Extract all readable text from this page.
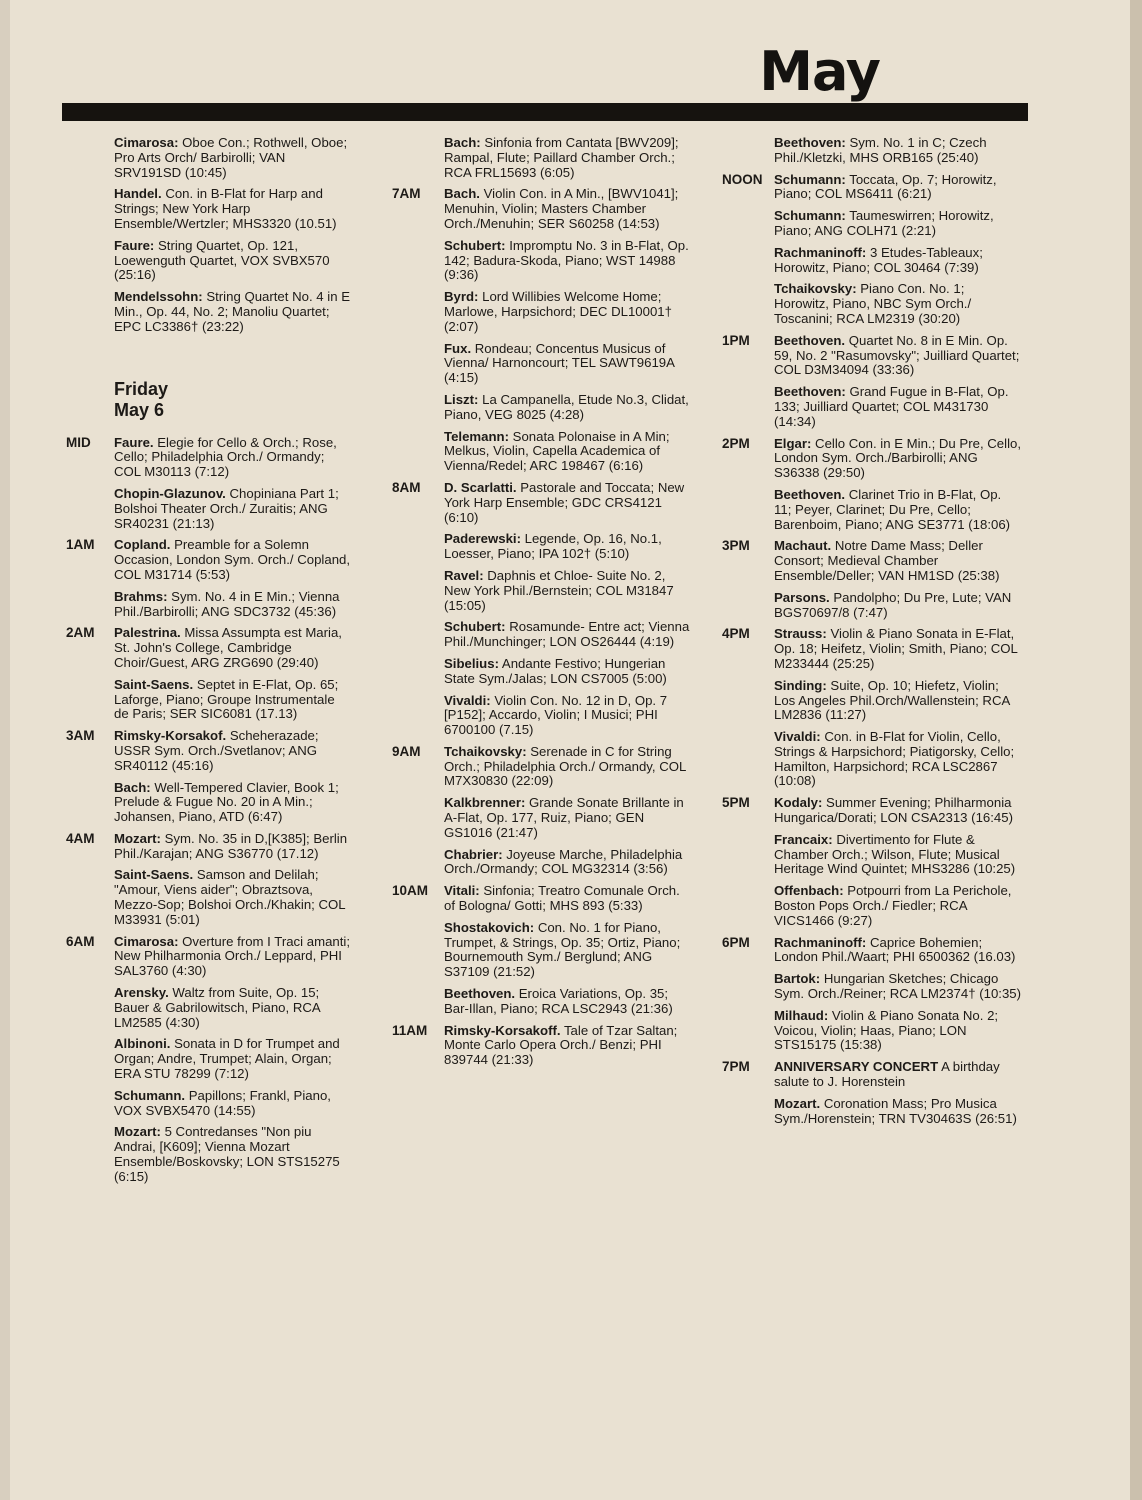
May
Cimarosa: Oboe Con.; Rothwell, Oboe; Pro Arts Orch/ Barbirolli; VAN SRV191SD (10:45)
Handel. Con. in B-Flat for Harp and Strings; New York Harp Ensemble/Wertzler; MHS3320 (10.51)
Faure: String Quartet, Op. 121, Loewenguth Quartet, VOX SVBX570 (25:16)
Mendelssohn: String Quartet No. 4 in E Min., Op. 44, No. 2; Manoliu Quartet; EPC LC3386† (23:22)
Friday
May 6
MID	Faure. Elegie for Cello & Orch.; Rose, Cello; Philadelphia Orch./ Ormandy; COL M30113 (7:12)
Chopin-Glazunov. Chopiniana Part 1; Bolshoi Theater Orch./ Zuraitis; ANG SR40231 (21:13)
1AM	Copland. Preamble for a Solemn Occasion, London Sym. Orch./ Copland, COL M31714 (5:53)
Brahms: Sym. No. 4 in E Min.; Vienna Phil./Barbirolli; ANG SDC3732 (45:36)
2AM	Palestrina. Missa Assumpta est Maria, St. John's College, Cambridge Choir/Guest, ARG ZRG690 (29:40)
Saint-Saens. Septet in E-Flat, Op. 65; Laforge, Piano; Groupe Instrumentale de Paris; SER SIC6081 (17.13)
3AM	Rimsky-Korsakof. Scheherazade; USSR Sym. Orch./Svetlanov; ANG SR40112 (45:16)
Bach: Well-Tempered Clavier, Book 1; Prelude & Fugue No. 20 in A Min.; Johansen, Piano, ATD (6:47)
4AM	Mozart: Sym. No. 35 in D,[K385]; Berlin Phil./Karajan; ANG S36770 (17.12)
Saint-Saens. Samson and Delilah; "Amour, Viens aider"; Obraztsova, Mezzo-Sop; Bolshoi Orch./Khakin; COL M33931 (5:01)
6AM	Cimarosa: Overture from I Traci amanti; New Philharmonia Orch./ Leppard, PHI SAL3760 (4:30)
Arensky. Waltz from Suite, Op. 15; Bauer & Gabrilowitsch, Piano, RCA LM2585 (4:30)
Albinoni. Sonata in D for Trumpet and Organ; Andre, Trumpet; Alain, Organ; ERA STU 78299 (7:12)
Schumann. Papillons; Frankl, Piano, VOX SVBX5470 (14:55)
Mozart: 5 Contredanses "Non piu Andrai, [K609]; Vienna Mozart Ensemble/Boskovsky; LON STS15275 (6:15)
Bach: Sinfonia from Cantata [BWV209]; Rampal, Flute; Paillard Chamber Orch.; RCA FRL15693 (6:05)
7AM	Bach. Violin Con. in A Min., [BWV1041]; Menuhin, Violin; Masters Chamber Orch./Menuhin; SER S60258 (14:53)
Schubert: Impromptu No. 3 in B-Flat, Op. 142; Badura-Skoda, Piano; WST 14988 (9:36)
Byrd: Lord Willibies Welcome Home; Marlowe, Harpsichord; DEC DL10001† (2:07)
Fux. Rondeau; Concentus Musicus of Vienna/ Harnoncourt; TEL SAWT9619A (4:15)
Liszt: La Campanella, Etude No.3, Clidat, Piano, VEG 8025 (4:28)
Telemann: Sonata Polonaise in A Min; Melkus, Violin, Capella Academica of Vienna/Redel; ARC 198467 (6:16)
8AM	D. Scarlatti. Pastorale and Toccata; New York Harp Ensemble; GDC CRS4121 (6:10)
Paderewski: Legende, Op. 16, No.1, Loesser, Piano; IPA 102† (5:10)
Ravel: Daphnis et Chloe- Suite No. 2, New York Phil./Bernstein; COL M31847 (15:05)
Schubert: Rosamunde- Entre act; Vienna Phil./Munchinger; LON OS26444 (4:19)
Sibelius: Andante Festivo; Hungerian State Sym./Jalas; LON CS7005 (5:00)
Vivaldi: Violin Con. No. 12 in D, Op. 7 [P152]; Accardo, Violin; I Musici; PHI 6700100 (7.15)
9AM	Tchaikovsky: Serenade in C for String Orch.; Philadelphia Orch./ Ormandy, COL M7X30830 (22:09)
Kalkbrenner: Grande Sonate Brillante in A-Flat, Op. 177, Ruiz, Piano; GEN GS1016 (21:47)
Chabrier: Joyeuse Marche, Philadelphia Orch./Ormandy; COL MG32314 (3:56)
10AM	Vitali: Sinfonia; Treatro Comunale Orch. of Bologna/ Gotti; MHS 893 (5:33)
Shostakovich: Con. No. 1 for Piano, Trumpet, & Strings, Op. 35; Ortiz, Piano; Bournemouth Sym./ Berglund; ANG S37109 (21:52)
Beethoven. Eroica Variations, Op. 35; Bar-Illan, Piano; RCA LSC2943 (21:36)
11AM	Rimsky-Korsakoff. Tale of Tzar Saltan; Monte Carlo Opera Orch./ Benzi; PHI 839744 (21:33)
Beethoven: Sym. No. 1 in C; Czech Phil./Kletzki, MHS ORB165 (25:40)
NOON Schumann: Toccata, Op. 7; Horowitz, Piano; COL MS6411 (6:21)
Schumann: Taumeswirren; Horowitz, Piano; ANG COLH71 (2:21)
Rachmaninoff: 3 Etudes-Tableaux; Horowitz, Piano; COL 30464 (7:39)
Tchaikovsky: Piano Con. No. 1; Horowitz, Piano, NBC Sym Orch./ Toscanini; RCA LM2319 (30:20)
1PM	Beethoven. Quartet No. 8 in E Min. Op. 59, No. 2 "Rasumovsky"; Juilliard Quartet; COL D3M34094 (33:36)
Beethoven: Grand Fugue in B-Flat, Op. 133; Juilliard Quartet; COL M431730 (14:34)
2PM	Elgar: Cello Con. in E Min.; Du Pre, Cello, London Sym. Orch./Barbirolli; ANG S36338 (29:50)
Beethoven. Clarinet Trio in B-Flat, Op. 11; Peyer, Clarinet; Du Pre, Cello; Barenboim, Piano; ANG SE3771 (18:06)
3PM	Machaut. Notre Dame Mass; Deller Consort; Medieval Chamber Ensemble/Deller; VAN HM1SD (25:38)
Parsons. Pandolpho; Du Pre, Lute; VAN BGS70697/8 (7:47)
4PM	Strauss: Violin & Piano Sonata in E-Flat, Op. 18; Heifetz, Violin; Smith, Piano; COL M233444 (25:25)
Sinding: Suite, Op. 10; Hiefetz, Violin; Los Angeles Phil.Orch/Wallenstein; RCA LM2836 (11:27)
Vivaldi: Con. in B-Flat for Violin, Cello, Strings & Harpsichord; Piatigorsky, Cello; Hamilton, Harpsichord; RCA LSC2867 (10:08)
5PM	Kodaly: Summer Evening; Philharmonia Hungarica/Dorati; LON CSA2313 (16:45)
Francaix: Divertimento for Flute & Chamber Orch.; Wilson, Flute; Musical Heritage Wind Quintet; MHS3286 (10:25)
Offenbach: Potpourri from La Perichole, Boston Pops Orch./ Fiedler; RCA VICS1466 (9:27)
6PM	Rachmaninoff: Caprice Bohemien; London Phil./Waart; PHI 6500362 (16.03)
Bartok: Hungarian Sketches; Chicago Sym. Orch./Reiner; RCA LM2374† (10:35)
Milhaud: Violin & Piano Sonata No. 2; Voicou, Violin; Haas, Piano; LON STS15175 (15:38)
7PM	ANNIVERSARY CONCERT A birthday salute to J. Horenstein
Mozart. Coronation Mass; Pro Musica Sym./Horenstein; TRN TV30463S (26:51)
